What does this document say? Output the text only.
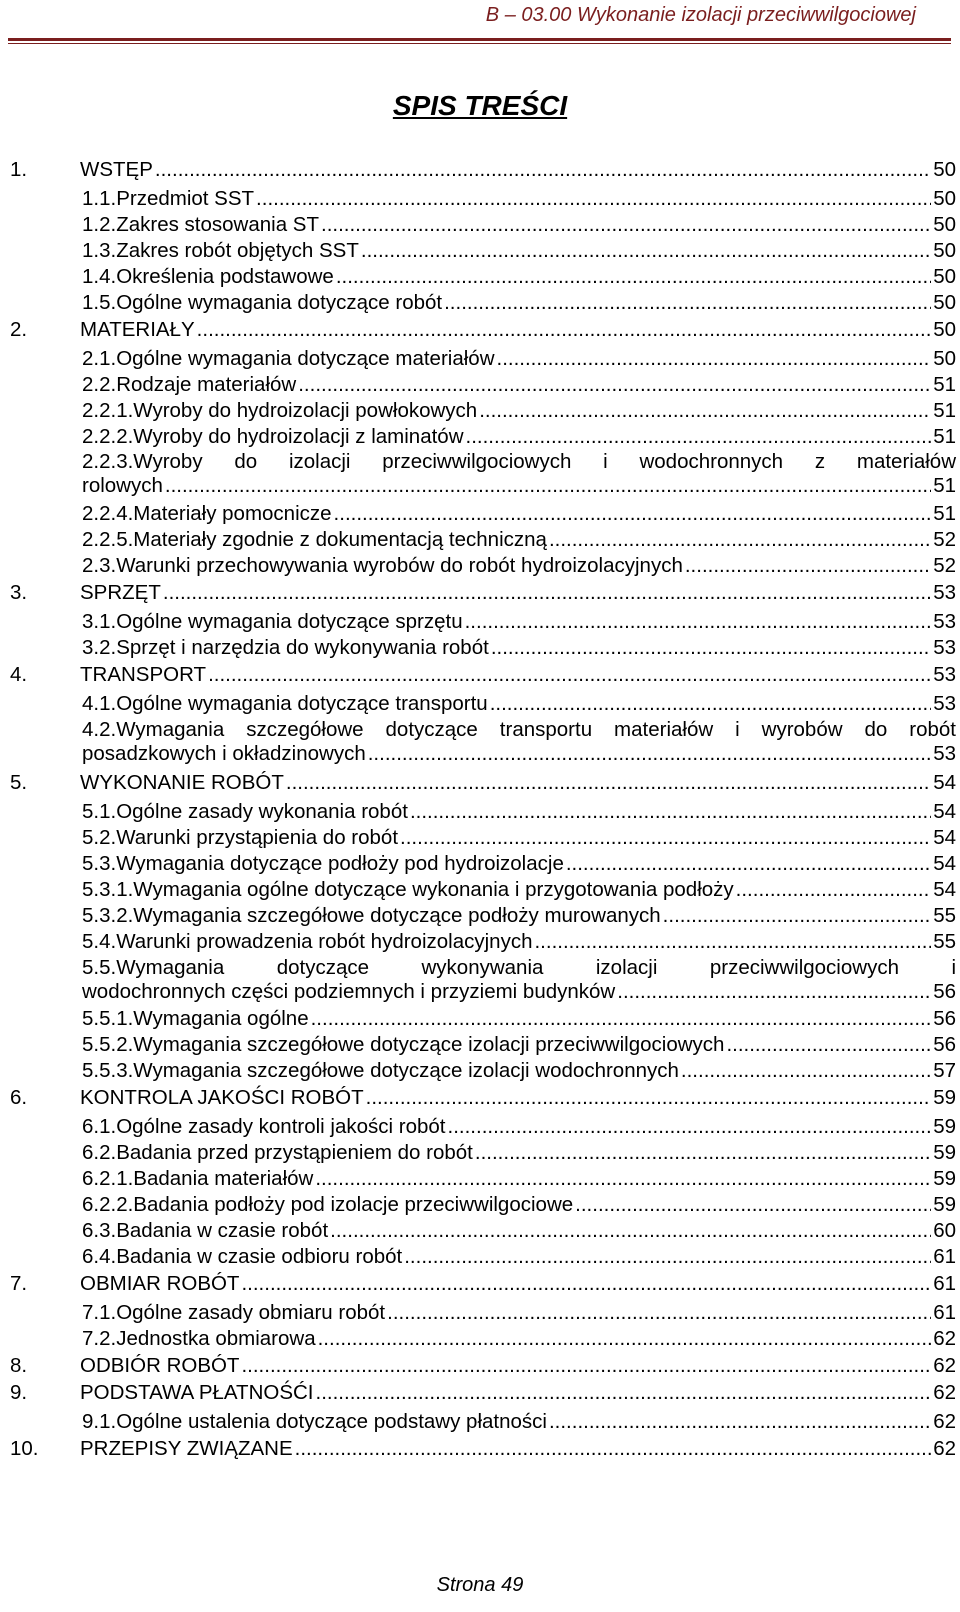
B – 03.00 Wykonanie izolacji przeciwwilgociowej
SPIS TREŚCI
1.	WSTĘP .....	50
1.1.Przedmiot SST .....	50
1.2.Zakres stosowania ST .....	50
1.3.Zakres robót objętych SST .....	50
1.4.Określenia podstawowe .....	50
1.5.Ogólne wymagania dotyczące robót .....	50
2.	MATERIAŁY .....	50
2.1.Ogólne wymagania dotyczące materiałów .....	50
2.2.Rodzaje materiałów .....	51
2.2.1.Wyroby do hydroizolacji powłokowych .....	51
2.2.2.Wyroby do hydroizolacji z laminatów .....	51
2.2.3.Wyroby do izolacji przeciwwilgociowych i wodochronnych z materiałów
rolowych .....	51
2.2.4.Materiały pomocnicze .....	51
2.2.5.Materiały zgodnie z dokumentacją techniczną .....	52
2.3.Warunki przechowywania wyrobów do robót hydroizolacyjnych .....	52
3.	SPRZĘT .....	53
3.1.Ogólne wymagania dotyczące sprzętu .....	53
3.2.Sprzęt i narzędzia do wykonywania robót .....	53
4.	TRANSPORT .....	53
4.1.Ogólne wymagania dotyczące transportu .....	53
4.2.Wymagania szczegółowe dotyczące transportu materiałów i wyrobów do robót
posadzkowych i okładzinowych .....	53
5.	WYKONANIE ROBÓT .....	54
5.1.Ogólne zasady wykonania robót .....	54
5.2.Warunki przystąpienia do robót .....	54
5.3.Wymagania dotyczące podłoży pod hydroizolacje .....	54
5.3.1.Wymagania ogólne dotyczące wykonania i przygotowania podłoży .....	54
5.3.2.Wymagania szczegółowe dotyczące podłoży murowanych .....	55
5.4.Warunki prowadzenia robót hydroizolacyjnych .....	55
5.5.Wymagania dotyczące wykonywania izolacji przeciwwilgociowych i
wodochronnych części podziemnych i przyziemi budynków .....	56
5.5.1.Wymagania ogólne .....	56
5.5.2.Wymagania szczegółowe dotyczące izolacji przeciwwilgociowych .....	56
5.5.3.Wymagania szczegółowe dotyczące izolacji wodochronnych .....	57
6.	KONTROLA JAKOŚCI ROBÓT .....	59
6.1.Ogólne zasady kontroli jakości robót .....	59
6.2.Badania przed przystąpieniem do robót .....	59
6.2.1.Badania materiałów .....	59
6.2.2.Badania podłoży pod izolacje przeciwwilgociowe .....	59
6.3.Badania w czasie robót .....	60
6.4.Badania w czasie odbioru robót .....	61
7.	OBMIAR ROBÓT .....	61
7.1.Ogólne zasady obmiaru robót .....	61
7.2.Jednostka obmiarowa .....	62
8.	ODBIÓR ROBÓT .....	62
9.	PODSTAWA PŁATNOŚĆI .....	62
9.1.Ogólne ustalenia dotyczące podstawy płatności .....	62
10. PRZEPISY ZWIĄZANE .....	62
Strona 49
